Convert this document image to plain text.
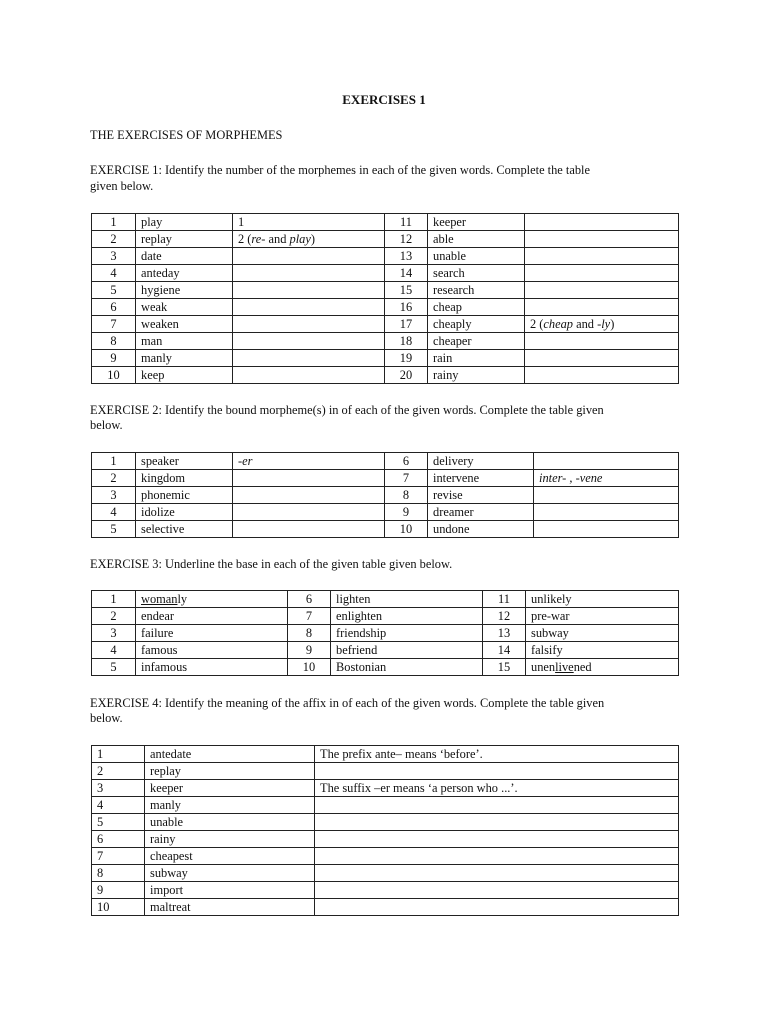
EXERCISES 1
THE EXERCISES OF MORPHEMES
EXERCISE 1: Identify the number of the morphemes in each of the given words. Complete the table
given below.
1	play	1	11	keeper	
2	replay	2 (re- and play)	12	able	
3	date		13	unable	
4	anteday		14	search	
5	hygiene		15	research	
6	weak		16	cheap	
7	weaken		17	cheaply	2 (cheap and -ly)
8	man		18	cheaper	
9	manly		19	rain	
10	keep		20	rainy	
EXERCISE 2: Identify the bound morpheme(s) in of each of the given words. Complete the table given
below.
1	speaker	-er	6	delivery	
2	kingdom		7	intervene	inter- , -vene
3	phonemic		8	revise	
4	idolize		9	dreamer	
5	selective		10	undone	
EXERCISE 3: Underline the base in each of the given table given below.
1	womanly	6	lighten	11	unlikely
2	endear	7	enlighten	12	pre-war
3	failure	8	friendship	13	subway
4	famous	9	befriend	14	falsify
5	infamous	10	Bostonian	15	unenlivened
EXERCISE 4: Identify the meaning of the affix in of each of the given words. Complete the table given
below.
1	antedate	The prefix ante– means ‘before’.
2	replay	
3	keeper	The suffix –er means ‘a person who ...’.
4	manly	
5	unable	
6	rainy	
7	cheapest	
8	subway	
9	import	
10	maltreat	
